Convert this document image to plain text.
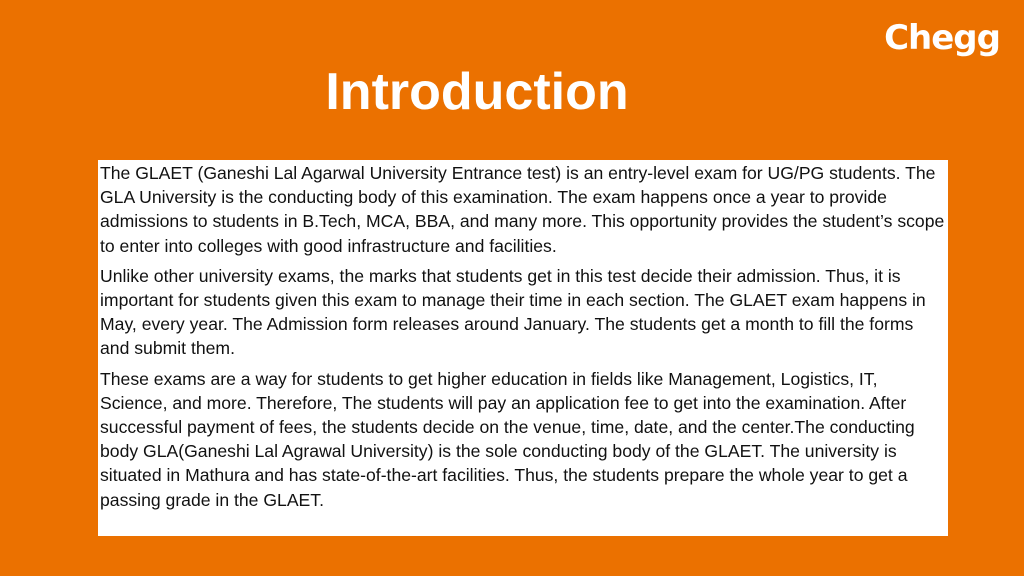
Chegg
Introduction

The GLAET (Ganeshi Lal Agarwal University Entrance test) is an entry-level exam for UG/PG students. The GLA University is the conducting body of this examination. The exam happens once a year to provide admissions to students in B.Tech, MCA, BBA, and many more. This opportunity provides the student’s scope to enter into colleges with good infrastructure and facilities.

Unlike other university exams, the marks that students get in this test decide their admission. Thus, it is important for students given this exam to manage their time in each section. The GLAET exam happens in May, every year. The Admission form releases around January. The students get a month to fill the forms and submit them.

These exams are a way for students to get higher education in fields like Management, Logistics, IT, Science, and more. Therefore, The students will pay an application fee to get into the examination. After successful payment of fees, the students decide on the venue, time, date, and the center.The conducting body GLA(Ganeshi Lal Agrawal University) is the sole conducting body of the GLAET. The university is situated in Mathura and has state-of-the-art facilities. Thus, the students prepare the whole year to get a passing grade in the GLAET.
